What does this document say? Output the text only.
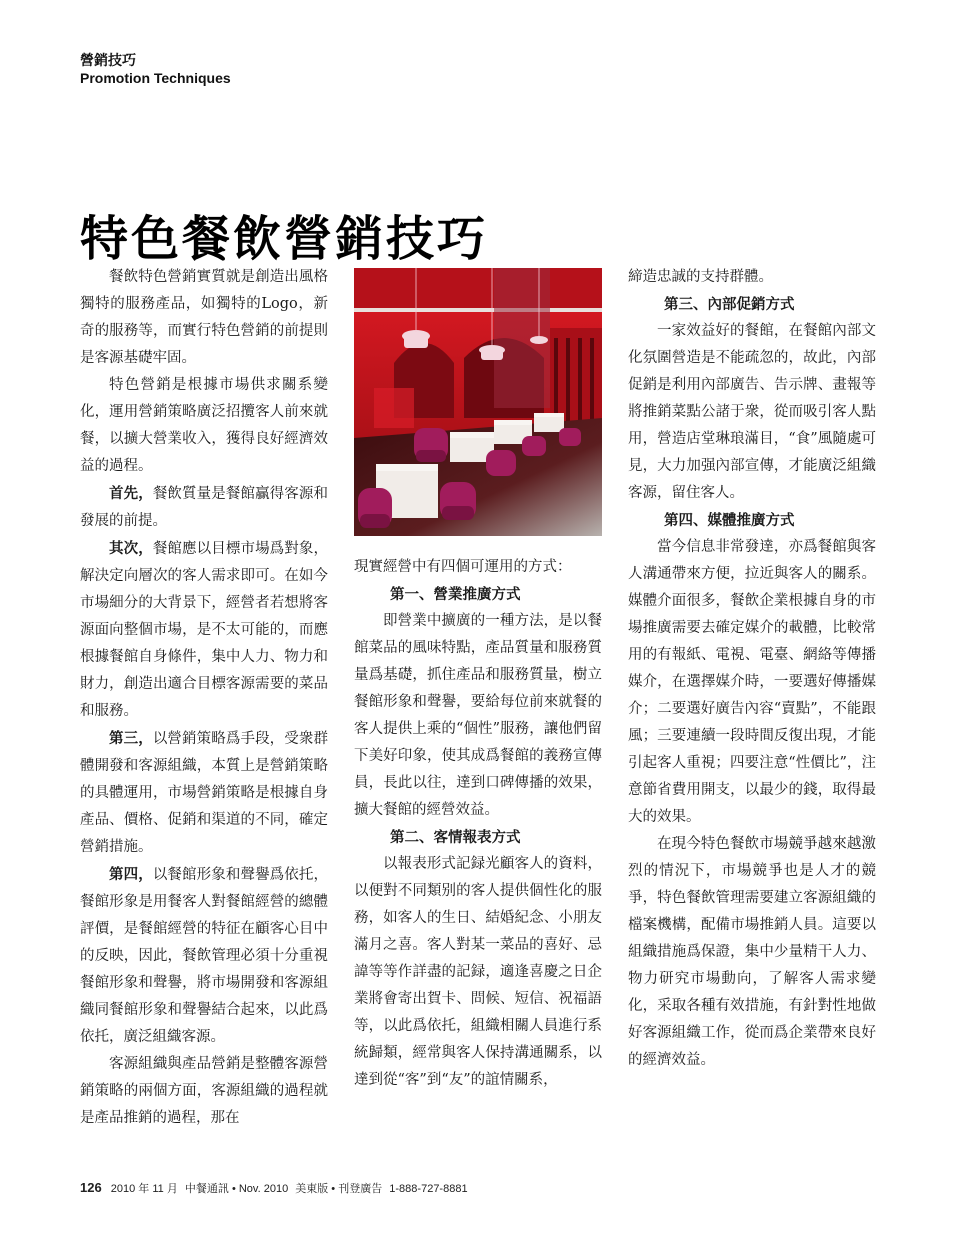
營銷技巧
Promotion Techniques
特色餐飲營銷技巧

餐飲特色營銷實質就是創造出風格獨特的服務產品，如獨特的Logo，新奇的服務等，而實行特色營銷的前提則是客源基礎牢固。

特色營銷是根據市場供求關系變化，運用營銷策略廣泛招攬客人前來就餐，以擴大營業收入，獲得良好經濟效益的過程。

首先，餐飲質量是餐館贏得客源和發展的前提。

其次，餐館應以目標市場爲對象，解決定向層次的客人需求即可。在如今市場細分的大背景下，經營者若想將客源面向整個市場，是不太可能的，而應根據餐館自身條件，集中人力、物力和財力，創造出適合目標客源需要的菜品和服務。

第三，以營銷策略爲手段，受衆群體開發和客源組織，本質上是營銷策略的具體運用，市場營銷策略是根據自身產品、價格、促銷和渠道的不同，確定營銷措施。

第四，以餐館形象和聲譽爲依托，餐館形象是用餐客人對餐館經營的總體評價，是餐館經營的特征在顧客心目中的反映，因此，餐飲管理必須十分重視餐館形象和聲譽，將市場開發和客源組織同餐館形象和聲譽結合起來，以此爲依托，廣泛組織客源。

客源組織與產品營銷是整體客源營銷策略的兩個方面，客源組織的過程就是產品推銷的過程，那在

現實經營中有四個可運用的方式：

第一、營業推廣方式

即營業中擴廣的一種方法，是以餐館菜品的風味特點，產品質量和服務質量爲基礎，抓住產品和服務質量，樹立餐館形象和聲譽，要給每位前來就餐的客人提供上乘的“個性”服務，讓他們留下美好印象，使其成爲餐館的義務宣傳員，長此以往，達到口碑傳播的效果，擴大餐館的經營效益。

第二、客情報表方式

以報表形式記録光顧客人的資料，以便對不同類别的客人提供個性化的服務，如客人的生日、結婚紀念、小朋友滿月之喜。客人對某一菜品的喜好、忌諱等等作詳盡的記録，適逢喜慶之日企業將會寄出賀卡、問候、短信、祝福語等，以此爲依托，組織相關人員進行系統歸類，經常與客人保持溝通關系，以達到從“客”到“友”的誼情關系，

締造忠誠的支持群體。

第三、內部促銷方式

一家效益好的餐館，在餐館內部文化氛圍營造是不能疏忽的，故此，內部促銷是利用內部廣告、告示牌、畫報等將推銷菜點公諸于衆，從而吸引客人點用，營造店堂琳琅滿目，“食”風隨處可見，大力加强內部宣傳，才能廣泛組織客源，留住客人。

第四、媒體推廣方式

當今信息非常發達，亦爲餐館與客人溝通帶來方便，拉近與客人的關系。媒體介面很多，餐飲企業根據自身的市場推廣需要去確定媒介的載體，比較常用的有報紙、電視、電臺、網絡等傳播媒介，在選擇媒介時，一要選好傳播媒介；二要選好廣告內容“賣點”，不能跟風；三要連續一段時間反復出現，才能引起客人重視；四要注意“性價比”，注意節省費用開支，以最少的錢，取得最大的效果。

在現今特色餐飲市場競爭越來越激烈的情況下，市場競爭也是人才的競爭，特色餐飲管理需要建立客源組織的檔案機構，配備市場推銷人員。這要以組織措施爲保證，集中少量精干人力、物力研究市場動向，了解客人需求變化，采取各種有效措施，有針對性地做好客源組織工作，從而爲企業帶來良好的經濟效益。

126 2010 年 11 月 中餐通訊 • Nov. 2010 美東版 • 刊登廣告 1-888-727-8881
